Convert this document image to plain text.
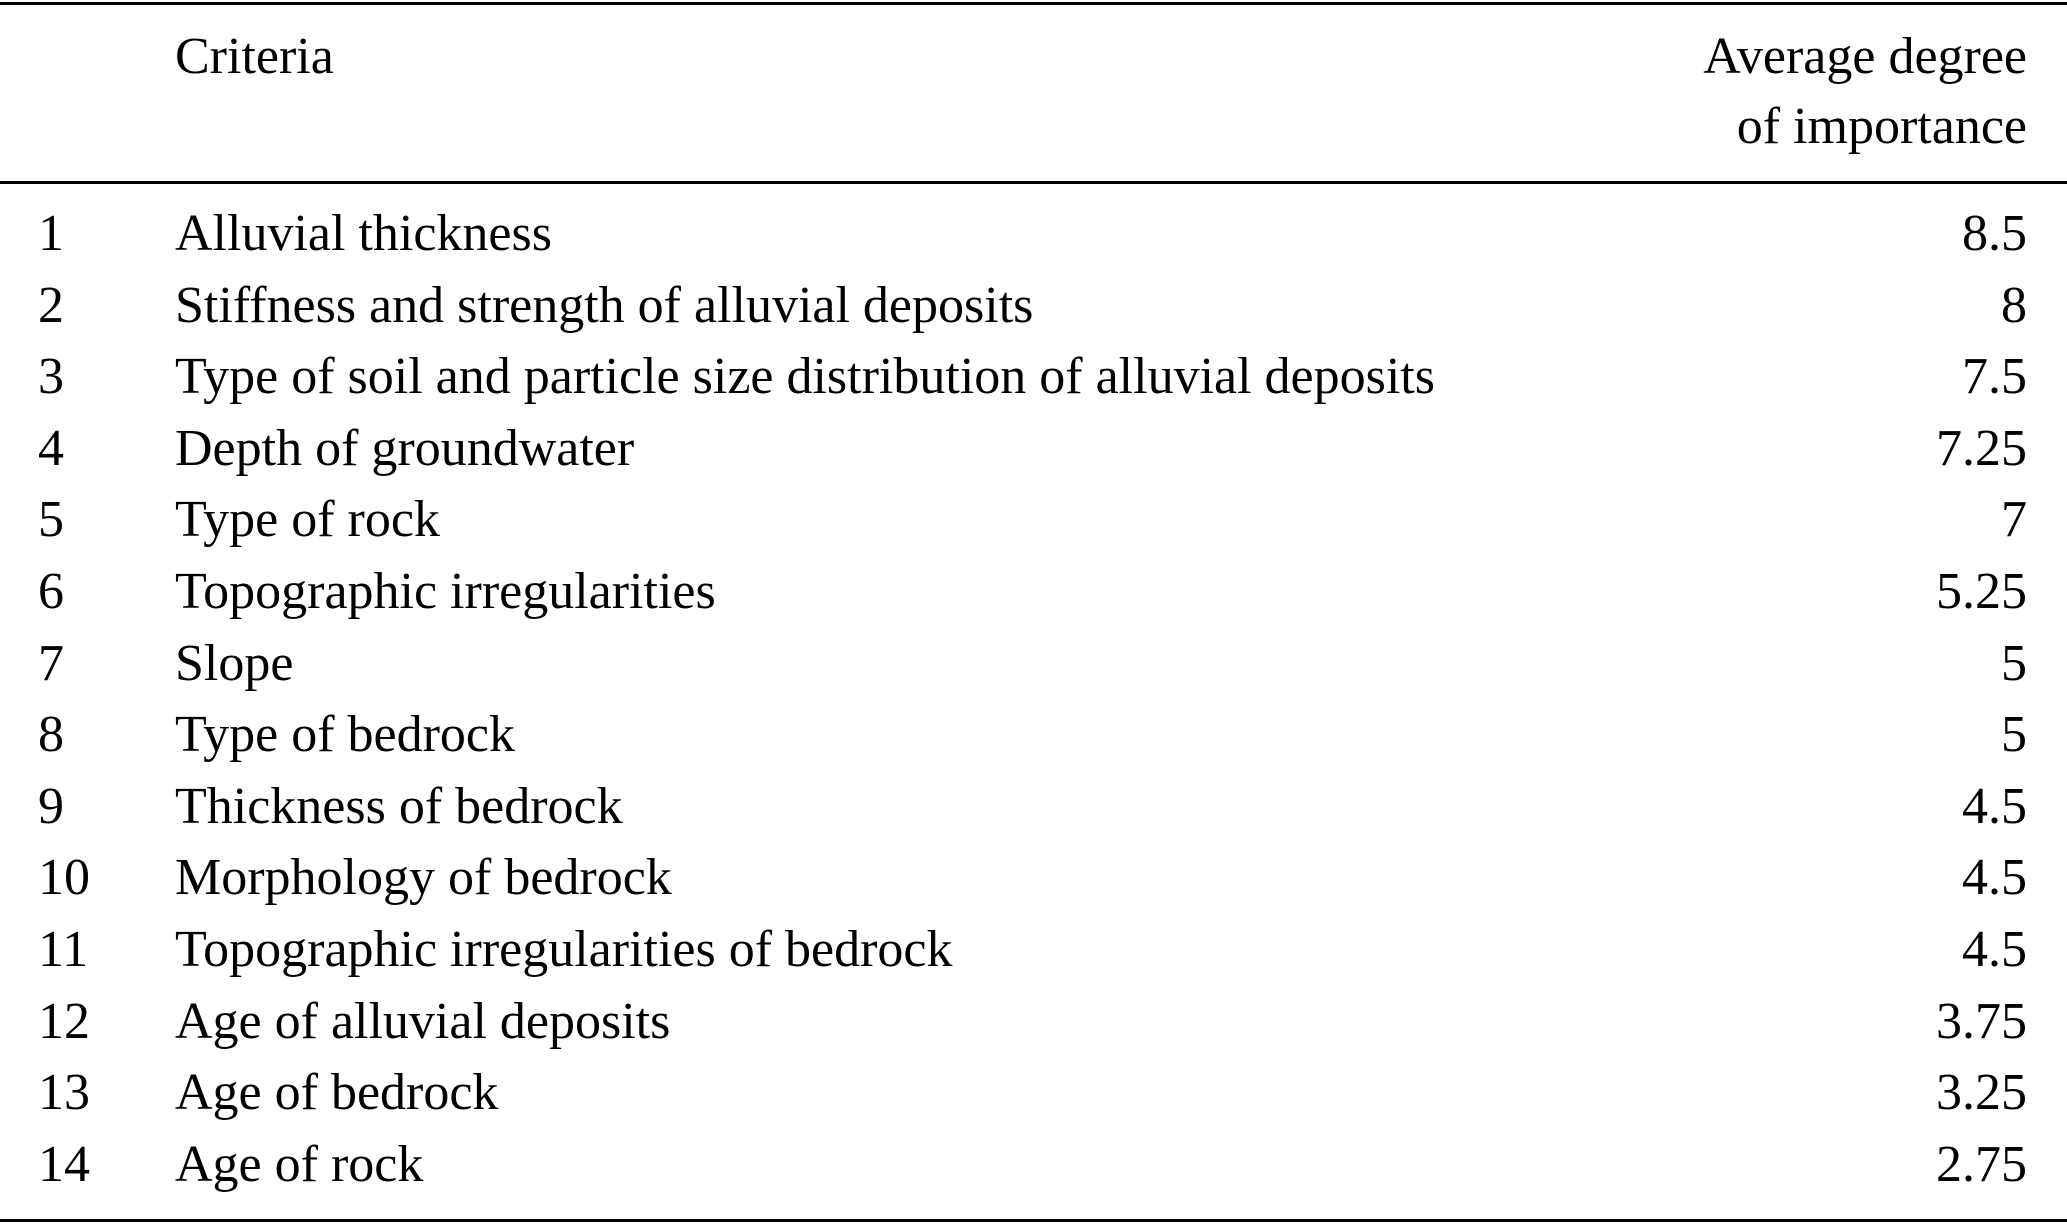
Criteria	Average degree
of importance
1 Alluvial thickness	8.5
2 Stiffness and strength of alluvial deposits	8
3 Type of soil and particle size distribution of alluvial deposits	7.5
4 Depth of groundwater	7.25
5 Type of rock	7
6 Topographic irregularities	5.25
7 Slope	5
8 Type of bedrock	5
9 Thickness of bedrock	4.5
10 Morphology of bedrock	4.5
11 Topographic irregularities of bedrock	4.5
12 Age of alluvial deposits	3.75
13 Age of bedrock	3.25
14 Age of rock	2.75
